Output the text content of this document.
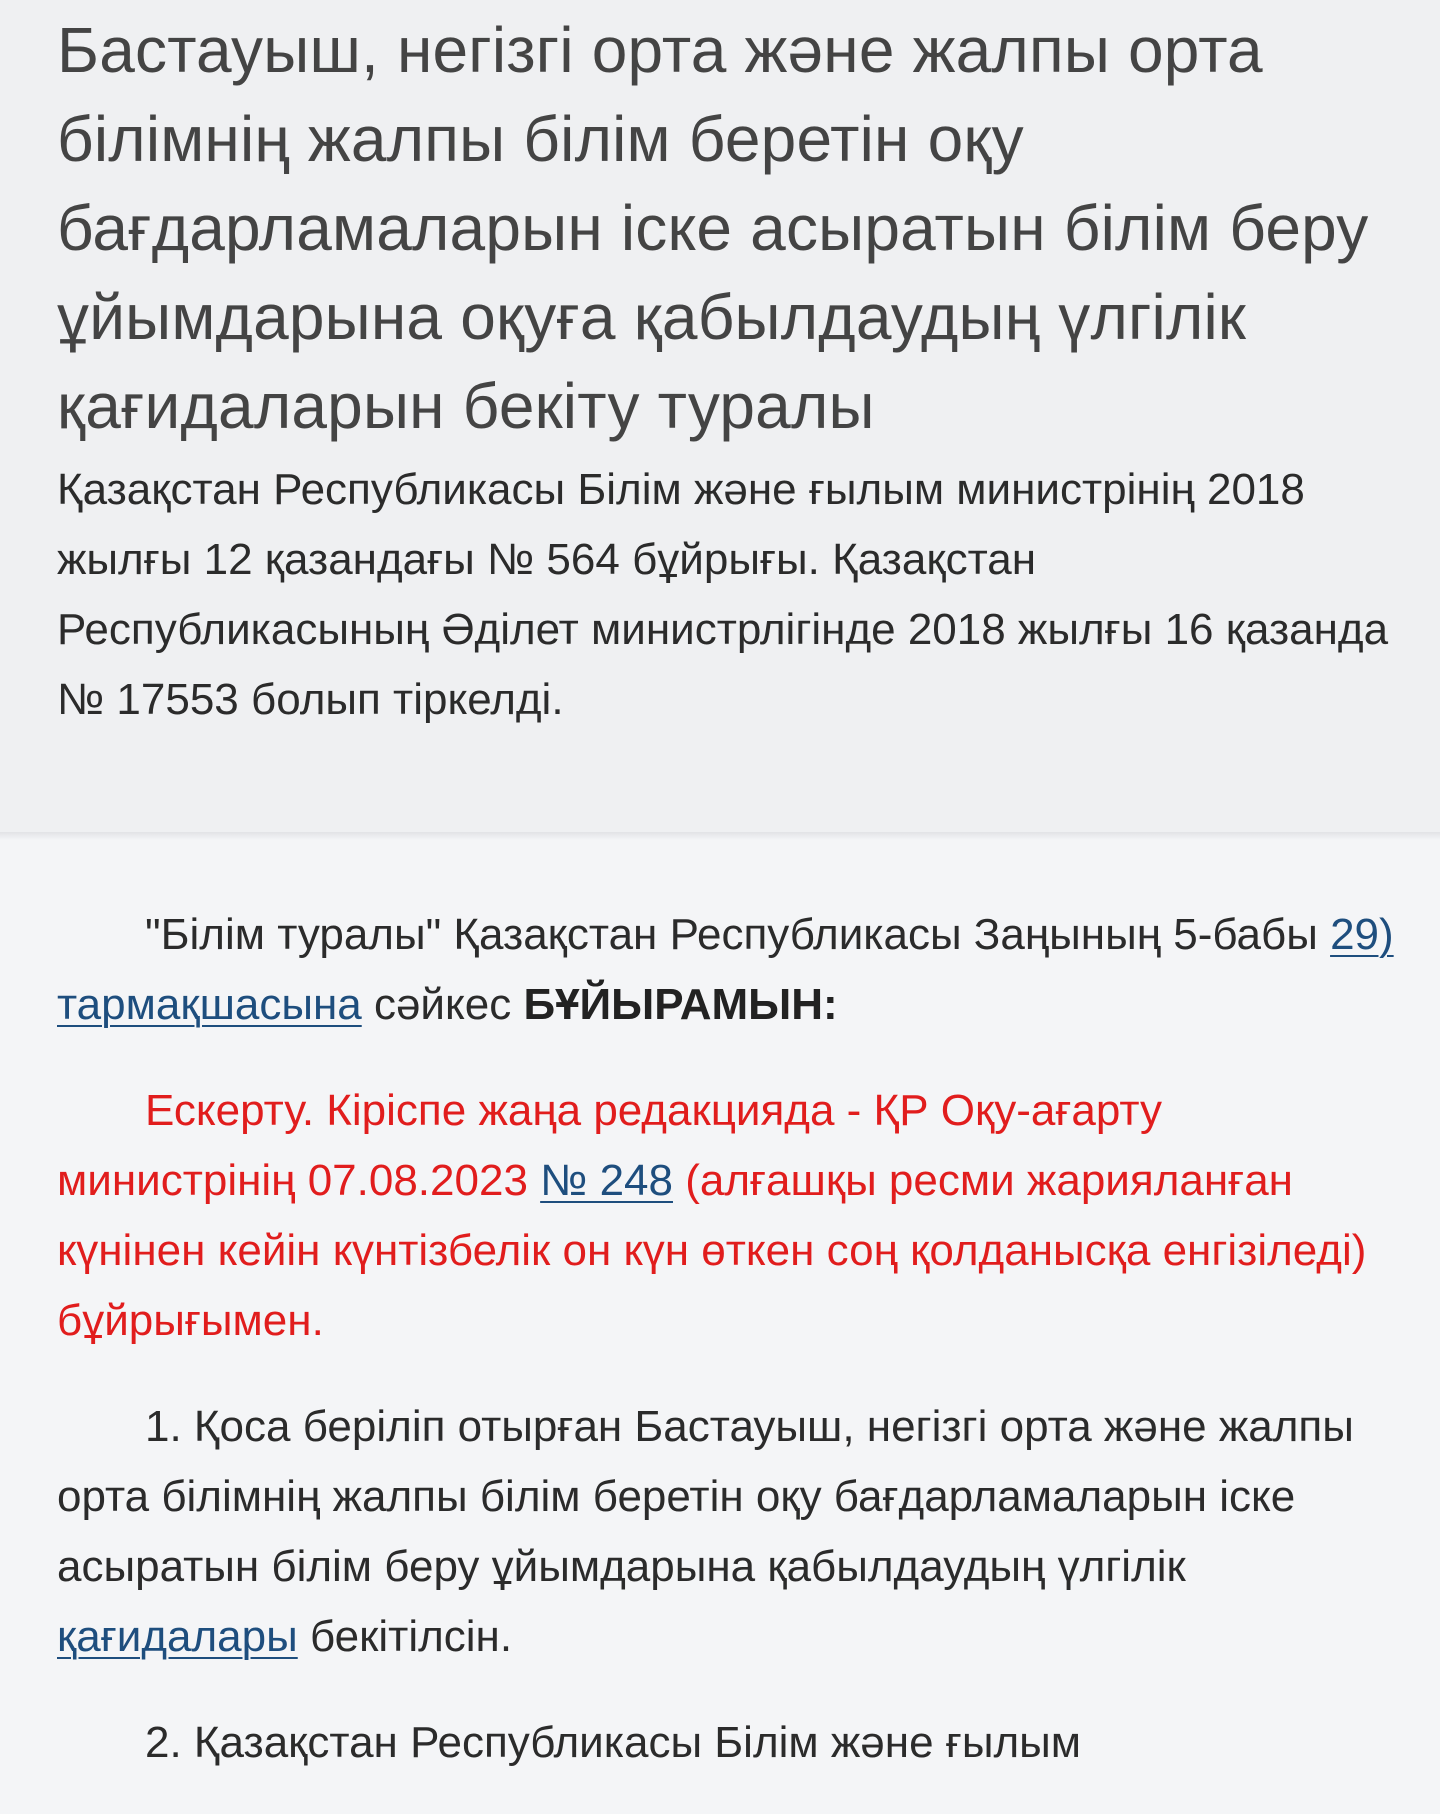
Бастауыш, негізгі орта және жалпы орта білімнің жалпы білім беретін оқу бағдарламаларын іске асыратын білім беру ұйымдарына оқуға қабылдаудың үлгілік қағидаларын бекіту туралы

Қазақстан Республикасы Білім және ғылым министрінің 2018 жылғы 12 қазандағы № 564 бұйрығы. Қазақстан Республикасының Әділет министрлігінде 2018 жылғы 16 қазанда № 17553 болып тіркелді.

"Білім туралы" Қазақстан Республикасы Заңының 5-бабы 29) тармақшасына сәйкес БҰЙЫРАМЫН:

Ескерту. Кіріспе жаңа редакцияда - ҚР Оқу-ағарту министрінің 07.08.2023 № 248 (алғашқы ресми жарияланған күнінен кейін күнтізбелік он күн өткен соң қолданысқа енгізіледі) бұйрығымен.

1. Қоса беріліп отырған Бастауыш, негізгі орта және жалпы орта білімнің жалпы білім беретін оқу бағдарламаларын іске асыратын білім беру ұйымдарына қабылдаудың үлгілік қағидалары бекітілсін.

2. Қазақстан Республикасы Білім және ғылым
